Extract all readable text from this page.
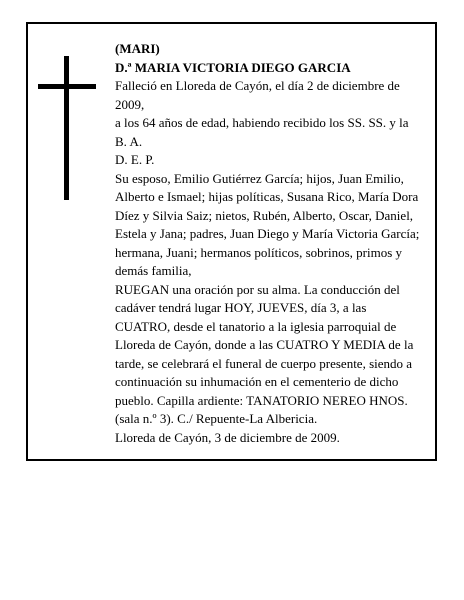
(MARI)

D.ª MARIA VICTORIA DIEGO GARCIA

Falleció en Lloreda de Cayón, el día 2 de diciembre de 2009,

a los 64 años de edad, habiendo recibido los SS. SS. y la B. A.

D. E. P.

Su esposo, Emilio Gutiérrez García; hijos, Juan Emilio, Alberto e Ismael; hijas políticas, Susana Rico, María Dora Díez y Silvia Saiz; nietos, Rubén, Alberto, Oscar, Daniel, Estela y Jana; padres, Juan Diego y María Victoria García; hermana, Juani; hermanos políticos, sobrinos, primos y demás familia,

RUEGAN una oración por su alma. La conducción del cadáver tendrá lugar HOY, JUEVES, día 3, a las CUATRO, desde el tanatorio a la iglesia parroquial de Lloreda de Cayón, donde a las CUATRO Y MEDIA de la tarde, se celebrará el funeral de cuerpo presente, siendo a continuación su inhumación en el cementerio de dicho pueblo. Capilla ardiente: TANATORIO NEREO HNOS. (sala n.º 3). C./ Repuente-La Albericia.

Lloreda de Cayón, 3 de diciembre de 2009.
